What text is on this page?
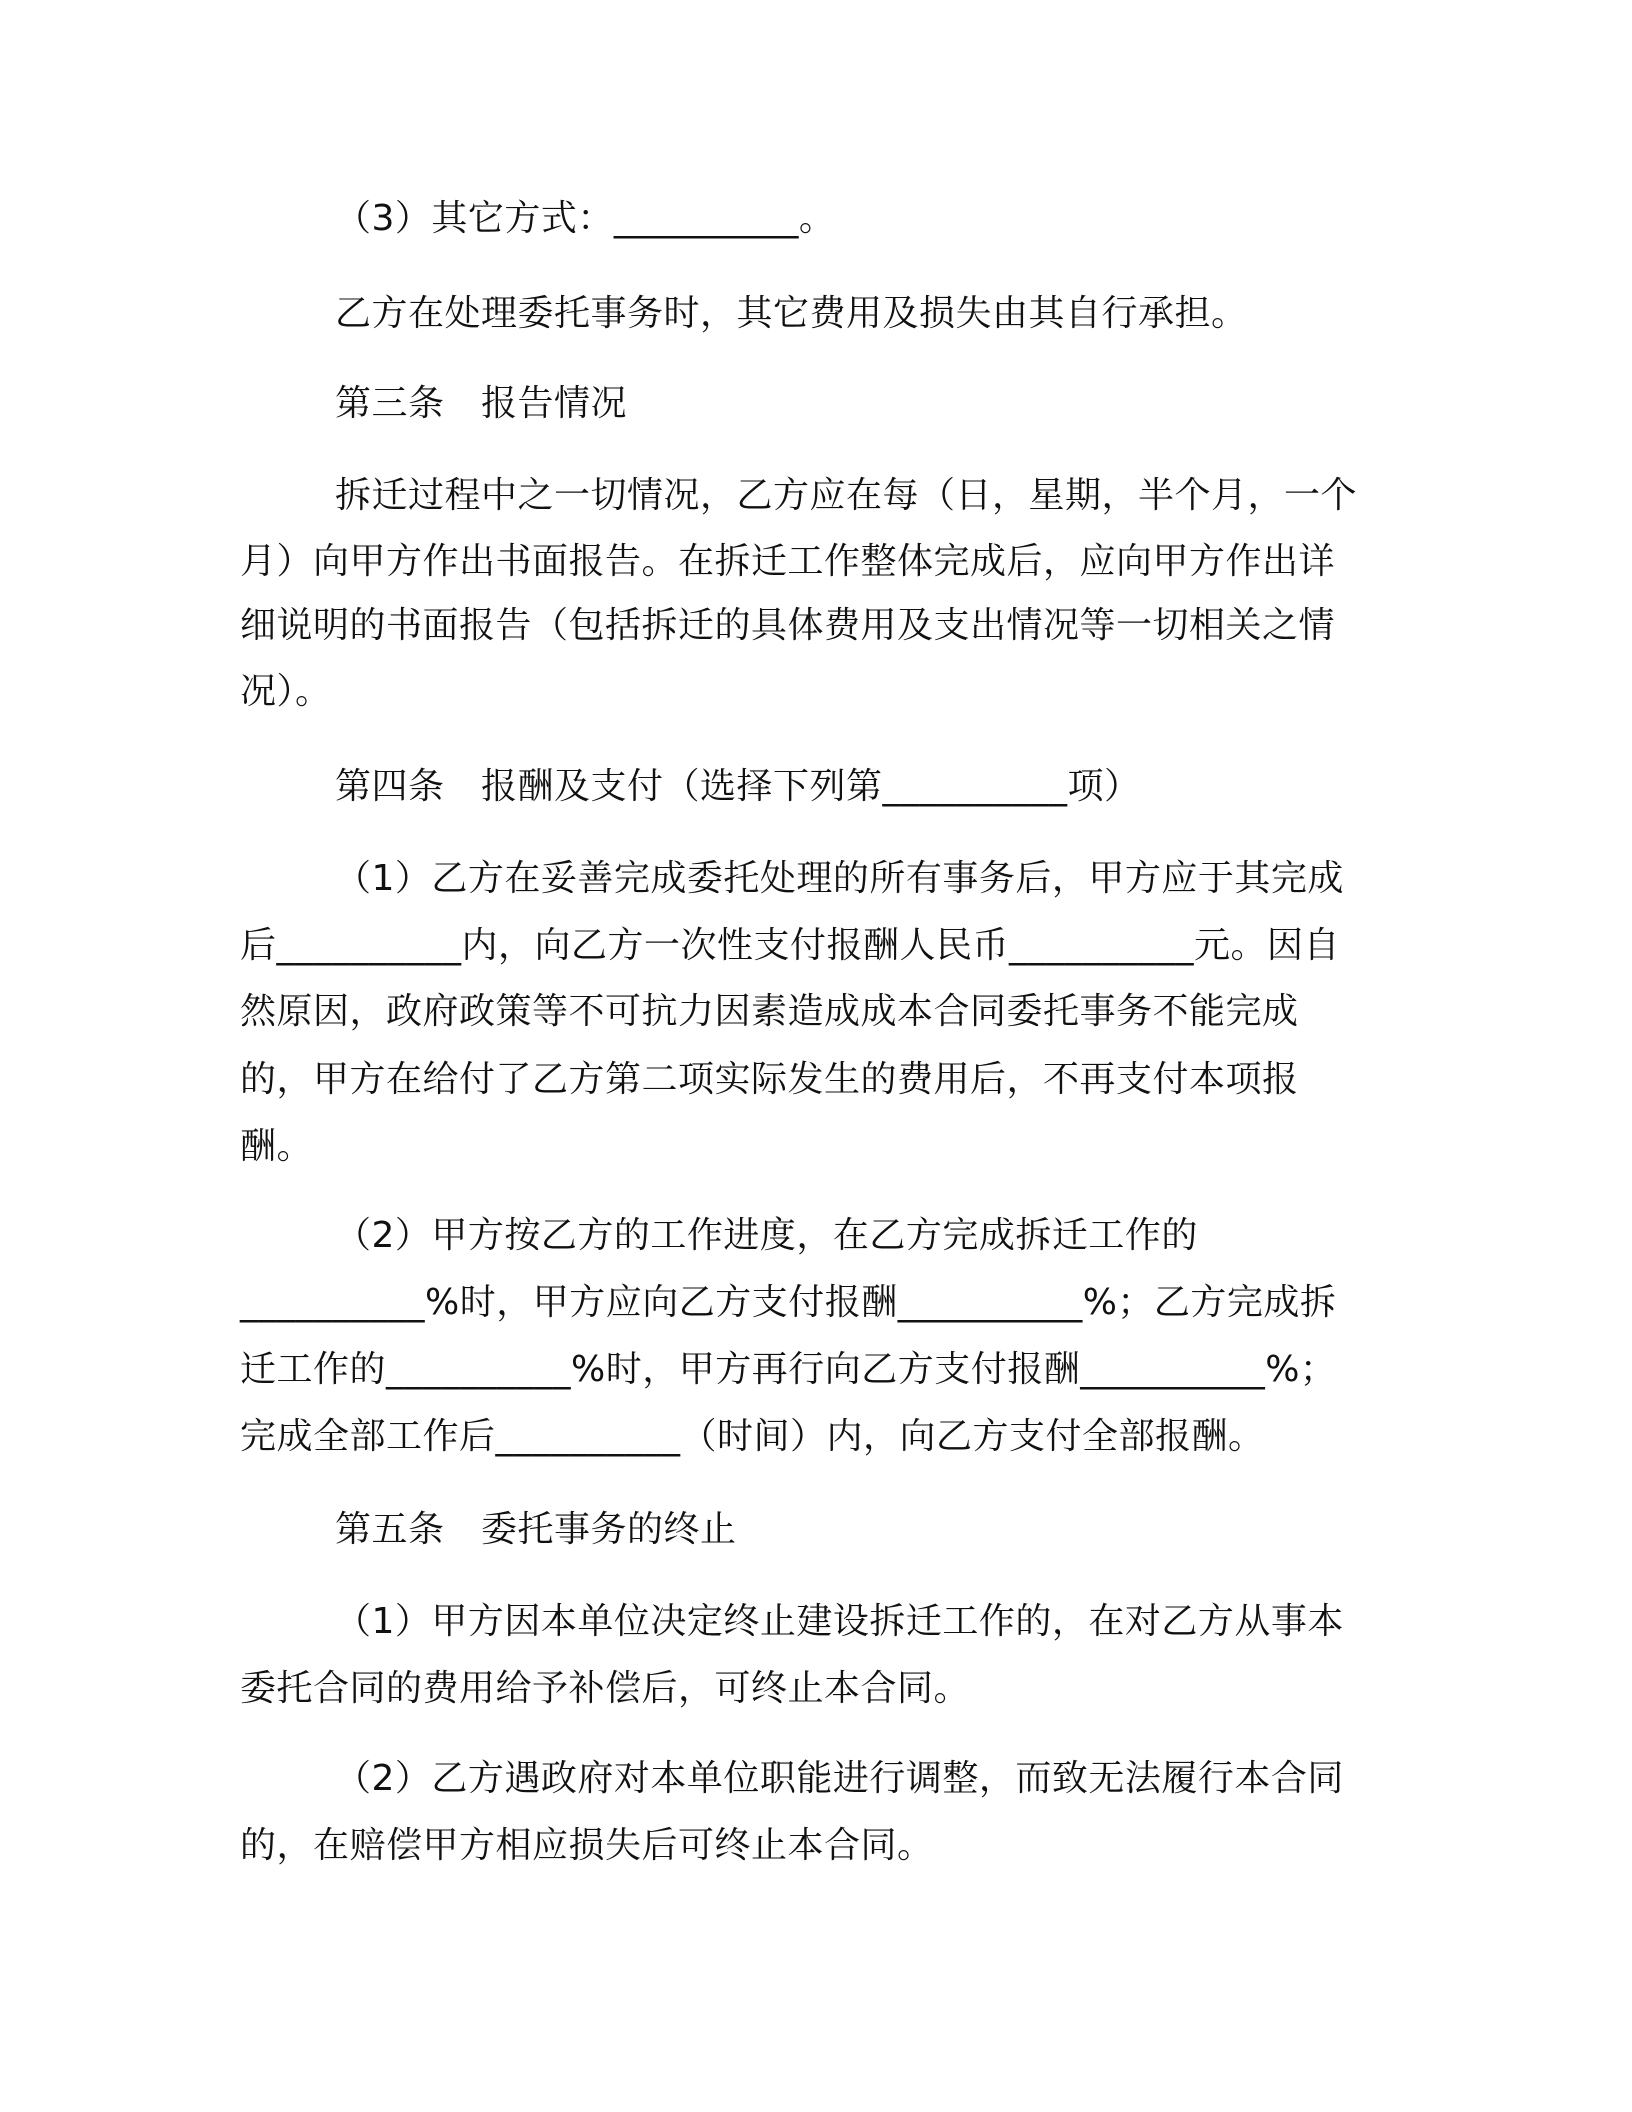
（3）其它方式：__________。

乙方在处理委托事务时，其它费用及损失由其自行承担。

第三条　报告情况

拆迁过程中之一切情况，乙方应在每（日，星期，半个月，一个

月）向甲方作出书面报告。在拆迁工作整体完成后，应向甲方作出详

细说明的书面报告（包括拆迁的具体费用及支出情况等一切相关之情

况）。

第四条　报酬及支付（选择下列第__________项）

（1）乙方在妥善完成委托处理的所有事务后，甲方应于其完成

后__________内，向乙方一次性支付报酬人民币__________元。因自

然原因，政府政策等不可抗力因素造成成本合同委托事务不能完成

的，甲方在给付了乙方第二项实际发生的费用后，不再支付本项报

酬。

（2）甲方按乙方的工作进度，在乙方完成拆迁工作的

__________%时，甲方应向乙方支付报酬__________%；乙方完成拆

迁工作的__________%时，甲方再行向乙方支付报酬__________%；

完成全部工作后__________（时间）内，向乙方支付全部报酬。

第五条　委托事务的终止

（1）甲方因本单位决定终止建设拆迁工作的，在对乙方从事本

委托合同的费用给予补偿后，可终止本合同。

（2）乙方遇政府对本单位职能进行调整，而致无法履行本合同

的，在赔偿甲方相应损失后可终止本合同。
